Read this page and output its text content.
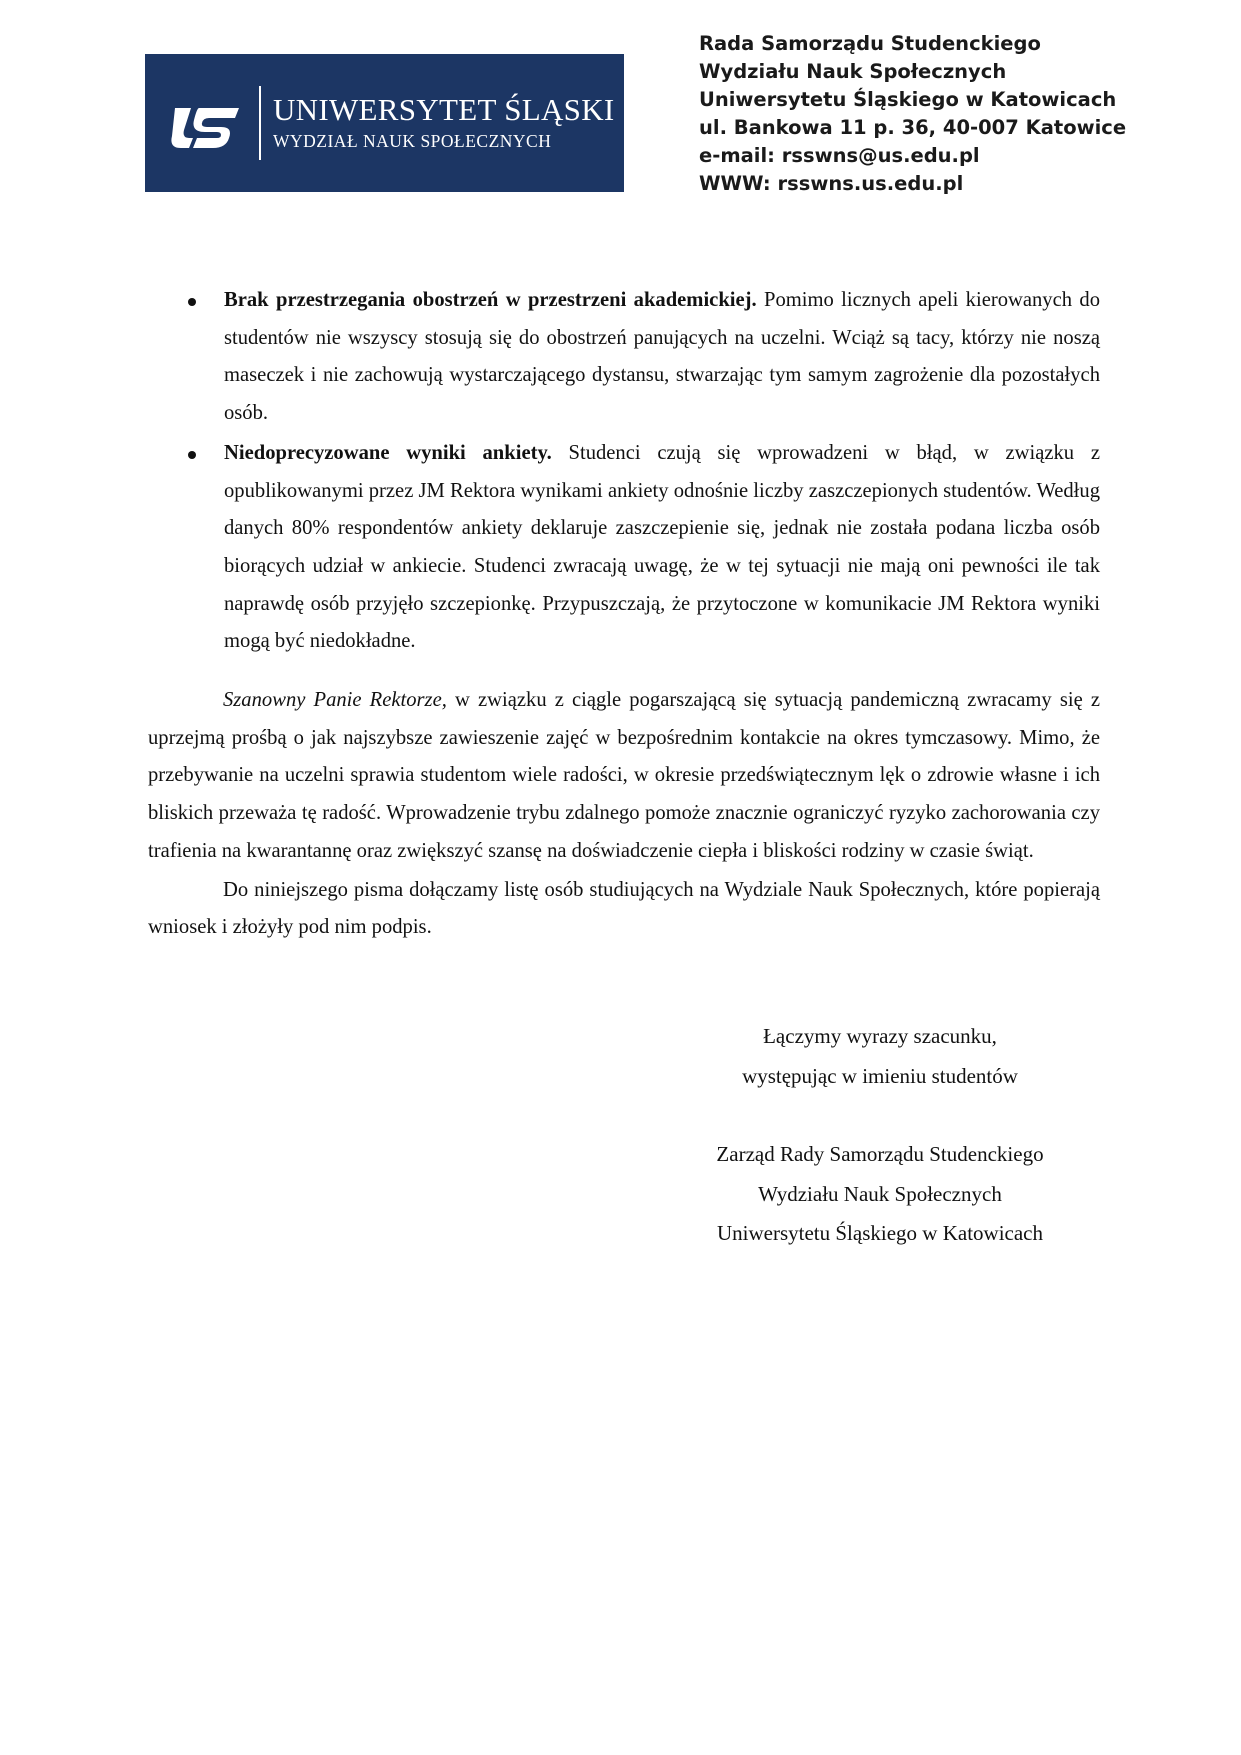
UNIWERSYTET ŚLĄSKI
WYDZIAŁ NAUK SPOŁECZNYCH
Rada Samorządu Studenckiego
Wydziału Nauk Społecznych
Uniwersytetu Śląskiego w Katowicach
ul. Bankowa 11 p. 36, 40-007 Katowice
e-mail: rsswns@us.edu.pl
WWW: rsswns.us.edu.pl
Brak przestrzegania obostrzeń w przestrzeni akademickiej. Pomimo licznych apeli kierowanych do studentów nie wszyscy stosują się do obostrzeń panujących na uczelni. Wciąż są tacy, którzy nie noszą maseczek i nie zachowują wystarczającego dystansu, stwarzając tym samym zagrożenie dla pozostałych osób.
Niedoprecyzowane wyniki ankiety. Studenci czują się wprowadzeni w błąd, w związku z opublikowanymi przez JM Rektora wynikami ankiety odnośnie liczby zaszczepionych studentów. Według danych 80% respondentów ankiety deklaruje zaszczepienie się, jednak nie została podana liczba osób biorących udział w ankiecie. Studenci zwracają uwagę, że w tej sytuacji nie mają oni pewności ile tak naprawdę osób przyjęło szczepionkę. Przypuszczają, że przytoczone w komunikacie JM Rektora wyniki mogą być niedokładne.

Szanowny Panie Rektorze, w związku z ciągle pogarszającą się sytuacją pandemiczną zwracamy się z uprzejmą prośbą o jak najszybsze zawieszenie zajęć w bezpośrednim kontakcie na okres tymczasowy. Mimo, że przebywanie na uczelni sprawia studentom wiele radości, w okresie przedświątecznym lęk o zdrowie własne i ich bliskich przeważa tę radość. Wprowadzenie trybu zdalnego pomoże znacznie ograniczyć ryzyko zachorowania czy trafienia na kwarantannę oraz zwiększyć szansę na doświadczenie ciepła i bliskości rodziny w czasie świąt.

Do niniejszego pisma dołączamy listę osób studiujących na Wydziale Nauk Społecznych, które popierają wniosek i złożyły pod nim podpis.

Łączymy wyrazy szacunku,
występując w imieniu studentów
Zarząd Rady Samorządu Studenckiego
Wydziału Nauk Społecznych
Uniwersytetu Śląskiego w Katowicach
